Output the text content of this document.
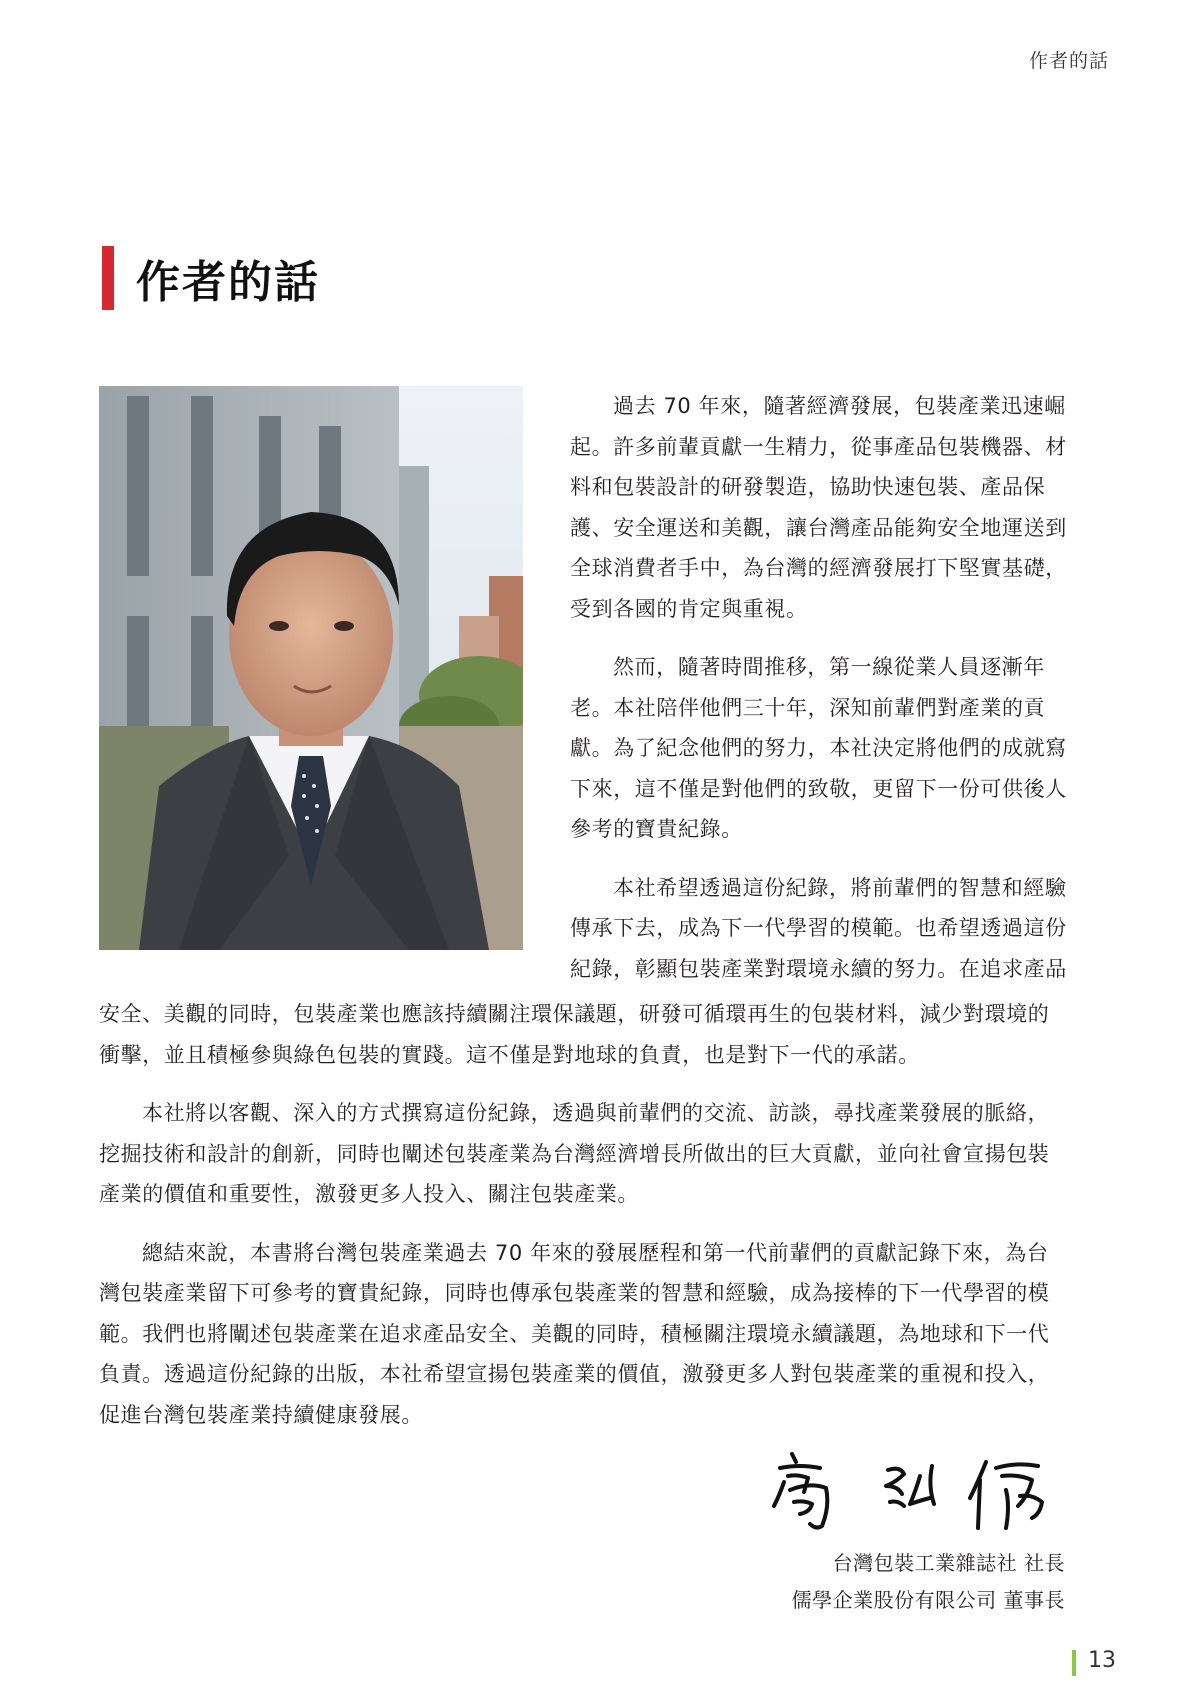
作者的話
作者的話
過去 70 年來，隨著經濟發展，包裝產業迅速崛
起。許多前輩貢獻一生精力，從事產品包裝機器、材
料和包裝設計的研發製造，協助快速包裝、產品保
護、安全運送和美觀，讓台灣產品能夠安全地運送到
全球消費者手中，為台灣的經濟發展打下堅實基礎，
受到各國的肯定與重視。
然而，隨著時間推移，第一線從業人員逐漸年
老。本社陪伴他們三十年，深知前輩們對產業的貢
獻。為了紀念他們的努力，本社決定將他們的成就寫
下來，這不僅是對他們的致敬，更留下一份可供後人
參考的寶貴紀錄。
本社希望透過這份紀錄，將前輩們的智慧和經驗
傳承下去，成為下一代學習的模範。也希望透過這份
紀錄，彰顯包裝產業對環境永續的努力。在追求產品
安全、美觀的同時，包裝產業也應該持續關注環保議題，研發可循環再生的包裝材料，減少對環境的
衝擊，並且積極參與綠色包裝的實踐。這不僅是對地球的負責，也是對下一代的承諾。
本社將以客觀、深入的方式撰寫這份紀錄，透過與前輩們的交流、訪談，尋找產業發展的脈絡，
挖掘技術和設計的創新，同時也闡述包裝產業為台灣經濟增長所做出的巨大貢獻，並向社會宣揚包裝
產業的價值和重要性，激發更多人投入、關注包裝產業。
總結來說，本書將台灣包裝產業過去 70 年來的發展歷程和第一代前輩們的貢獻記錄下來，為台
灣包裝產業留下可參考的寶貴紀錄，同時也傳承包裝產業的智慧和經驗，成為接棒的下一代學習的模
範。我們也將闡述包裝產業在追求產品安全、美觀的同時，積極關注環境永續議題，為地球和下一代
負責。透過這份紀錄的出版，本社希望宣揚包裝產業的價值，激發更多人對包裝產業的重視和投入，
促進台灣包裝產業持續健康發展。
台灣包裝工業雜誌社 社長
儒學企業股份有限公司 董事長
13
